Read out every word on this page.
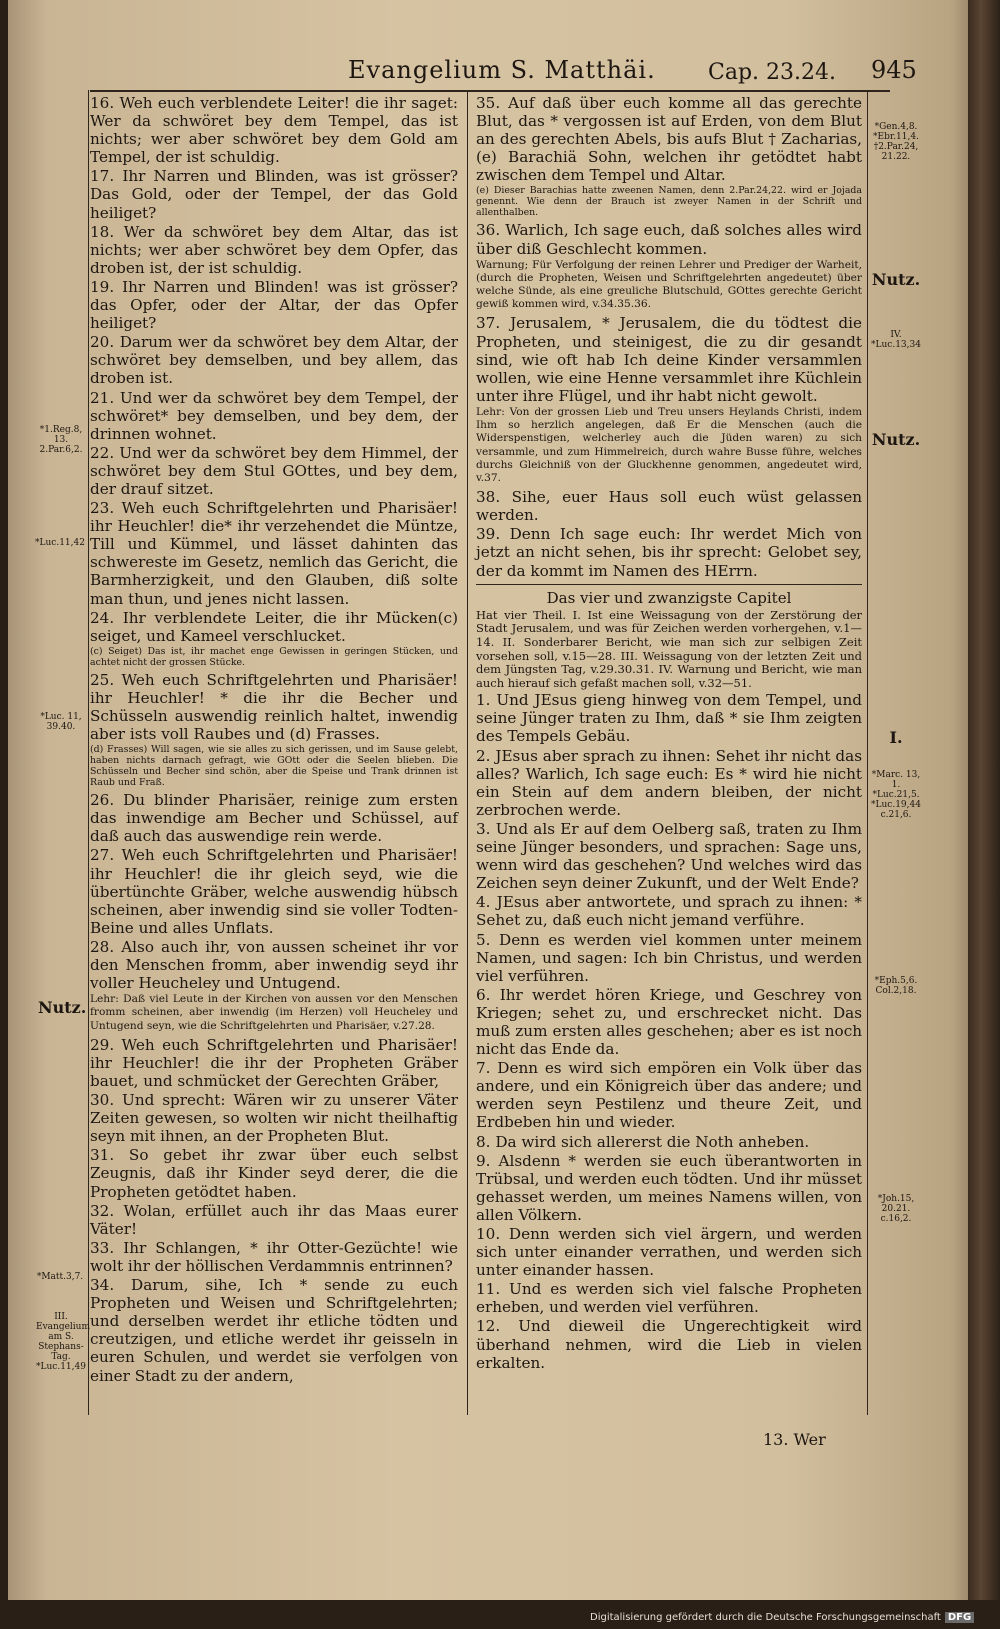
Evangelium S. Matthäi. Cap. 23.24. 945

16. Weh euch verblendete Leiter! die ihr saget: Wer da schwöret bey dem Tempel, das ist nichts; wer aber schwöret bey dem Gold am Tempel, der ist schuldig.

17. Ihr Narren und Blinden, was ist grösser? Das Gold, oder der Tempel, der das Gold heiliget?

18. Wer da schwöret bey dem Altar, das ist nichts; wer aber schwöret bey dem Opfer, das droben ist, der ist schuldig.

19. Ihr Narren und Blinden! was ist grösser? das Opfer, oder der Altar, der das Opfer heiliget?

20. Darum wer da schwöret bey dem Altar, der schwöret bey demselben, und bey allem, das droben ist.

21. Und wer da schwöret bey dem Tempel, der schwöret* bey demselben, und bey dem, der drinnen wohnet.

22. Und wer da schwöret bey dem Himmel, der schwöret bey dem Stul GOttes, und bey dem, der drauf sitzet.

23. Weh euch Schriftgelehrten und Pharisäer! ihr Heuchler! die* ihr verzehendet die Müntze, Till und Kümmel, und lässet dahinten das schwereste im Gesetz, nemlich das Gericht, die Barmherzigkeit, und den Glauben, diß solte man thun, und jenes nicht lassen.

24. Ihr verblendete Leiter, die ihr Mücken(c) seiget, und Kameel verschlucket.

(c) Seiget) Das ist, ihr machet enge Gewissen in geringen Stücken, und achtet nicht der grossen Stücke.

25. Weh euch Schriftgelehrten und Pharisäer! ihr Heuchler! * die ihr die Becher und Schüsseln auswendig reinlich haltet, inwendig aber ists voll Raubes und (d) Frasses.

(d) Frasses) Will sagen, wie sie alles zu sich gerissen, und im Sause gelebt, haben nichts darnach gefragt, wie GOtt oder die Seelen blieben. Die Schüsseln und Becher sind schön, aber die Speise und Trank drinnen ist Raub und Fraß.

26. Du blinder Pharisäer, reinige zum ersten das inwendige am Becher und Schüssel, auf daß auch das auswendige rein werde.

27. Weh euch Schriftgelehrten und Pharisäer! ihr Heuchler! die ihr gleich seyd, wie die übertünchte Gräber, welche auswendig hübsch scheinen, aber inwendig sind sie voller Todten-Beine und alles Unflats.

28. Also auch ihr, von aussen scheinet ihr vor den Menschen fromm, aber inwendig seyd ihr voller Heucheley und Untugend.

Lehr: Daß viel Leute in der Kirchen von aussen vor den Menschen fromm scheinen, aber inwendig (im Herzen) voll Heucheley und Untugend seyn, wie die Schriftgelehrten und Pharisäer, v.27.28.

29. Weh euch Schriftgelehrten und Pharisäer! ihr Heuchler! die ihr der Propheten Gräber bauet, und schmücket der Gerechten Gräber,

30. Und sprecht: Wären wir zu unserer Väter Zeiten gewesen, so wolten wir nicht theilhaftig seyn mit ihnen, an der Propheten Blut.

31. So gebet ihr zwar über euch selbst Zeugnis, daß ihr Kinder seyd derer, die die Propheten getödtet haben.

32. Wolan, erfüllet auch ihr das Maas eurer Väter!

33. Ihr Schlangen, * ihr Otter-Gezüchte! wie wolt ihr der höllischen Verdammnis entrinnen?

34. Darum, sihe, Ich * sende zu euch Propheten und Weisen und Schriftgelehrten; und derselben werdet ihr etliche tödten und creutzigen, und etliche werdet ihr geisseln in euren Schulen, und werdet sie verfolgen von einer Stadt zu der andern,

35. Auf daß über euch komme all das gerechte Blut, das * vergossen ist auf Erden, von dem Blut an des gerechten Abels, bis aufs Blut † Zacharias, (e) Barachiä Sohn, welchen ihr getödtet habt zwischen dem Tempel und Altar.

(e) Dieser Barachias hatte zweenen Namen, denn 2.Par.24,22. wird er Jojada genennt. Wie denn der Brauch ist zweyer Namen in der Schrift und allenthalben.

36. Warlich, Ich sage euch, daß solches alles wird über diß Geschlecht kommen.

Warnung; Für Verfolgung der reinen Lehrer und Prediger der Warheit, (durch die Propheten, Weisen und Schriftgelehrten angedeutet) über welche Sünde, als eine greuliche Blutschuld, GOttes gerechte Gericht gewiß kommen wird, v.34.35.36.

37. Jerusalem, * Jerusalem, die du tödtest die Propheten, und steinigest, die zu dir gesandt sind, wie oft hab Ich deine Kinder versammlen wollen, wie eine Henne versammlet ihre Küchlein unter ihre Flügel, und ihr habt nicht gewolt.

Lehr: Von der grossen Lieb und Treu unsers Heylands Christi, indem Ihm so herzlich angelegen, daß Er die Menschen (auch die Widerspenstigen, welcherley auch die Jüden waren) zu sich versammle, und zum Himmelreich, durch wahre Busse führe, welches durchs Gleichniß von der Gluckhenne genommen, angedeutet wird, v.37.

38. Sihe, euer Haus soll euch wüst gelassen werden.

39. Denn Ich sage euch: Ihr werdet Mich von jetzt an nicht sehen, bis ihr sprecht: Gelobet sey, der da kommt im Namen des HErrn.

Das vier und zwanzigste Capitel

Hat vier Theil. I. Ist eine Weissagung von der Zerstörung der Stadt Jerusalem, und was für Zeichen werden vorhergehen, v.1—14. II. Sonderbarer Bericht, wie man sich zur selbigen Zeit vorsehen soll, v.15—28. III. Weissagung von der letzten Zeit und dem Jüngsten Tag, v.29.30.31. IV. Warnung und Bericht, wie man auch hierauf sich gefaßt machen soll, v.32—51.

1. Und JEsus gieng hinweg von dem Tempel, und seine Jünger traten zu Ihm, daß * sie Ihm zeigten des Tempels Gebäu.

2. JEsus aber sprach zu ihnen: Sehet ihr nicht das alles? Warlich, Ich sage euch: Es * wird hie nicht ein Stein auf dem andern bleiben, der nicht zerbrochen werde.

3. Und als Er auf dem Oelberg saß, traten zu Ihm seine Jünger besonders, und sprachen: Sage uns, wenn wird das geschehen? Und welches wird das Zeichen seyn deiner Zukunft, und der Welt Ende?

4. JEsus aber antwortete, und sprach zu ihnen: * Sehet zu, daß euch nicht jemand verführe.

5. Denn es werden viel kommen unter meinem Namen, und sagen: Ich bin Christus, und werden viel verführen.

6. Ihr werdet hören Kriege, und Geschrey von Kriegen; sehet zu, und erschrecket nicht. Das muß zum ersten alles geschehen; aber es ist noch nicht das Ende da.

7. Denn es wird sich empören ein Volk über das andere, und ein Königreich über das andere; und werden seyn Pestilenz und theure Zeit, und Erdbeben hin und wieder.

8. Da wird sich allererst die Noth anheben.

9. Alsdenn * werden sie euch überantworten in Trübsal, und werden euch tödten. Und ihr müsset gehasset werden, um meines Namens willen, von allen Völkern.

10. Denn werden sich viel ärgern, und werden sich unter einander verrathen, und werden sich unter einander hassen.

11. Und es werden sich viel falsche Propheten erheben, und werden viel verführen.

12. Und dieweil die Ungerechtigkeit wird überhand nehmen, wird die Lieb in vielen erkalten.

*1.Reg.8, 13. 2.Par.6,2.
*Luc.11,42
*Luc. 11, 39.40.
Nutz.
*Matt.3,7.
III. Evangelium am S. Stephans-Tag. *Luc.11,49
*Gen.4,8. *Ebr.11,4. †2.Par.24, 21.22.
Nutz.
IV. *Luc.13,34
Nutz.
I.
*Marc. 13, 1. *Luc.21,5. *Luc.19,44 c.21,6.
*Eph.5,6. Col.2,18.
*Joh.15, 20.21. c.16,2.
13. Wer
Digitalisierung gefördert durch die Deutsche Forschungsgemeinschaft DFG
